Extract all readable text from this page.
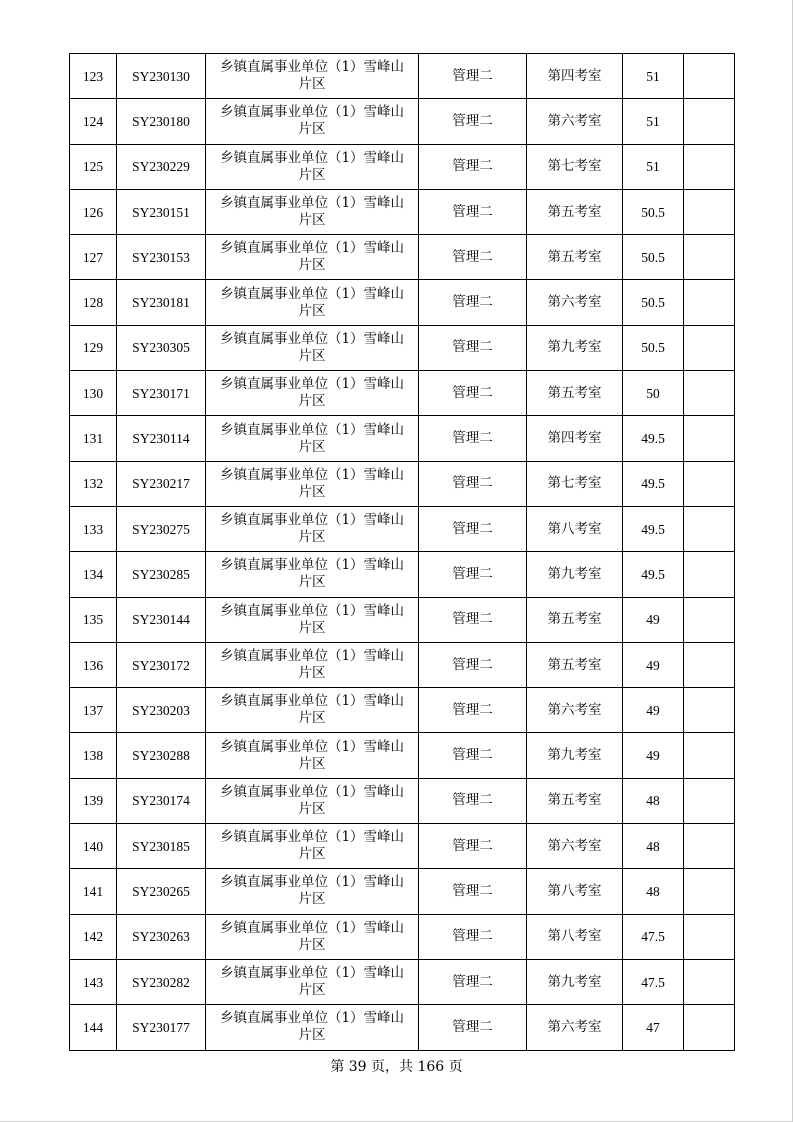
123	SY230130	乡镇直属事业单位（1）雪峰山
片区	管理二	第四考室	51	
124	SY230180	乡镇直属事业单位（1）雪峰山
片区	管理二	第六考室	51	
125	SY230229	乡镇直属事业单位（1）雪峰山
片区	管理二	第七考室	51	
126	SY230151	乡镇直属事业单位（1）雪峰山
片区	管理二	第五考室	50.5	
127	SY230153	乡镇直属事业单位（1）雪峰山
片区	管理二	第五考室	50.5	
128	SY230181	乡镇直属事业单位（1）雪峰山
片区	管理二	第六考室	50.5	
129	SY230305	乡镇直属事业单位（1）雪峰山
片区	管理二	第九考室	50.5	
130	SY230171	乡镇直属事业单位（1）雪峰山
片区	管理二	第五考室	50	
131	SY230114	乡镇直属事业单位（1）雪峰山
片区	管理二	第四考室	49.5	
132	SY230217	乡镇直属事业单位（1）雪峰山
片区	管理二	第七考室	49.5	
133	SY230275	乡镇直属事业单位（1）雪峰山
片区	管理二	第八考室	49.5	
134	SY230285	乡镇直属事业单位（1）雪峰山
片区	管理二	第九考室	49.5	
135	SY230144	乡镇直属事业单位（1）雪峰山
片区	管理二	第五考室	49	
136	SY230172	乡镇直属事业单位（1）雪峰山
片区	管理二	第五考室	49	
137	SY230203	乡镇直属事业单位（1）雪峰山
片区	管理二	第六考室	49	
138	SY230288	乡镇直属事业单位（1）雪峰山
片区	管理二	第九考室	49	
139	SY230174	乡镇直属事业单位（1）雪峰山
片区	管理二	第五考室	48	
140	SY230185	乡镇直属事业单位（1）雪峰山
片区	管理二	第六考室	48	
141	SY230265	乡镇直属事业单位（1）雪峰山
片区	管理二	第八考室	48	
142	SY230263	乡镇直属事业单位（1）雪峰山
片区	管理二	第八考室	47.5	
143	SY230282	乡镇直属事业单位（1）雪峰山
片区	管理二	第九考室	47.5	
144	SY230177	乡镇直属事业单位（1）雪峰山
片区	管理二	第六考室	47	
第 39 页，共 166 页
